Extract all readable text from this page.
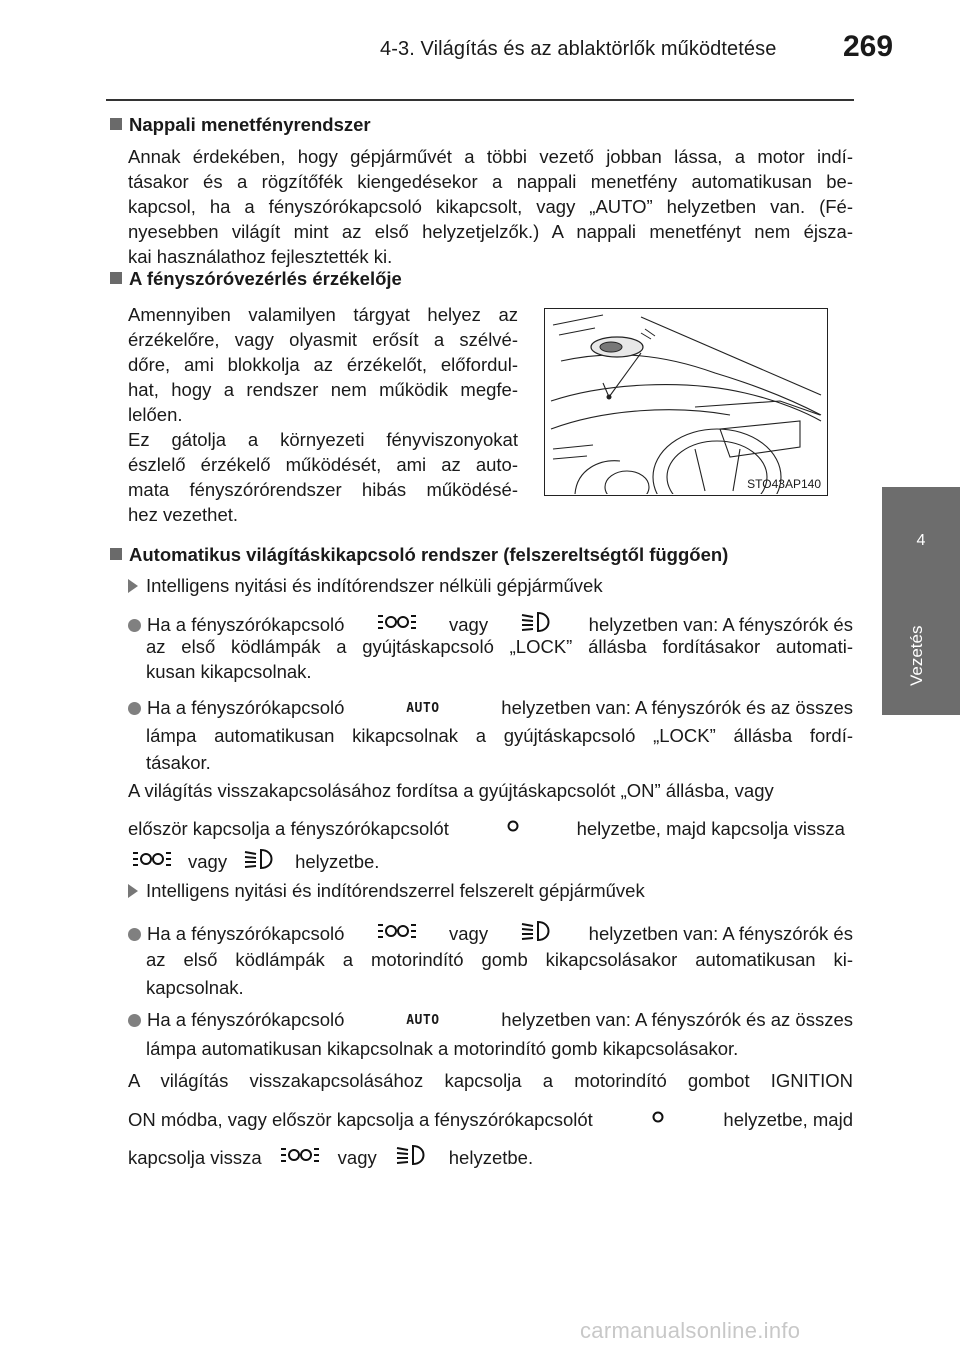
4-3. Világítás és az ablaktörlők működtetése 269
4
Vezetés
Nappali menetfényrendszer
Annak érdekében, hogy gépjárművét a többi vezető jobban lássa, a motor indí-
tásakor és a rögzítőfék kiengedésekor a nappali menetfény automatikusan be-
kapcsol, ha a fényszórókapcsoló kikapcsolt, vagy „AUTO” helyzetben van. (Fé-
nyesebben világít mint az első helyzetjelzők.) A nappali menetfényt nem éjsza-
kai használathoz fejlesztették ki.
A fényszóróvezérlés érzékelője
Amennyiben valamilyen tárgyat helyez az
érzékelőre, vagy olyasmit erősít a szélvé-
dőre, ami blokkolja az érzékelőt, előfordul-
hat, hogy a rendszer nem működik megfe-
lelően.
Ez gátolja a környezeti fényviszonyokat
észlelő érzékelő működését, ami az auto-
mata fényszórórendszer hibás működésé-
hez vezethet.
STO43AP140
Automatikus világításkikapcsoló rendszer (felszereltségtől függően)
Intelligens nyitási és indítórendszer nélküli gépjárművek
Ha a fényszórókapcsoló	vagy	helyzetben van: A fényszórók és
az első ködlámpák a gyújtáskapcsoló „LOCK” állásba fordításakor automati-
kusan kikapcsolnak.
Ha a fényszórókapcsoló	AUTO	helyzetben van: A fényszórók és az összes
lámpa automatikusan kikapcsolnak a gyújtáskapcsoló „LOCK” állásba fordí-
tásakor.
A világítás visszakapcsolásához fordítsa a gyújtáskapcsolót „ON” állásba, vagy
először kapcsolja a fényszórókapcsolót	helyzetbe, majd kapcsolja vissza
vagy	helyzetbe.
Intelligens nyitási és indítórendszerrel felszerelt gépjárművek
Ha a fényszórókapcsoló	vagy	helyzetben van: A fényszórók és
az első ködlámpák a motorindító gomb kikapcsolásakor automatikusan ki-
kapcsolnak.
Ha a fényszórókapcsoló	AUTO	helyzetben van: A fényszórók és az összes
lámpa automatikusan kikapcsolnak a motorindító gomb kikapcsolásakor.
A világítás visszakapcsolásához kapcsolja a motorindító gombot IGNITION
ON módba, vagy először kapcsolja a fényszórókapcsolót	helyzetbe, majd
kapcsolja vissza	vagy	helyzetbe.
carmanualsonline.info
